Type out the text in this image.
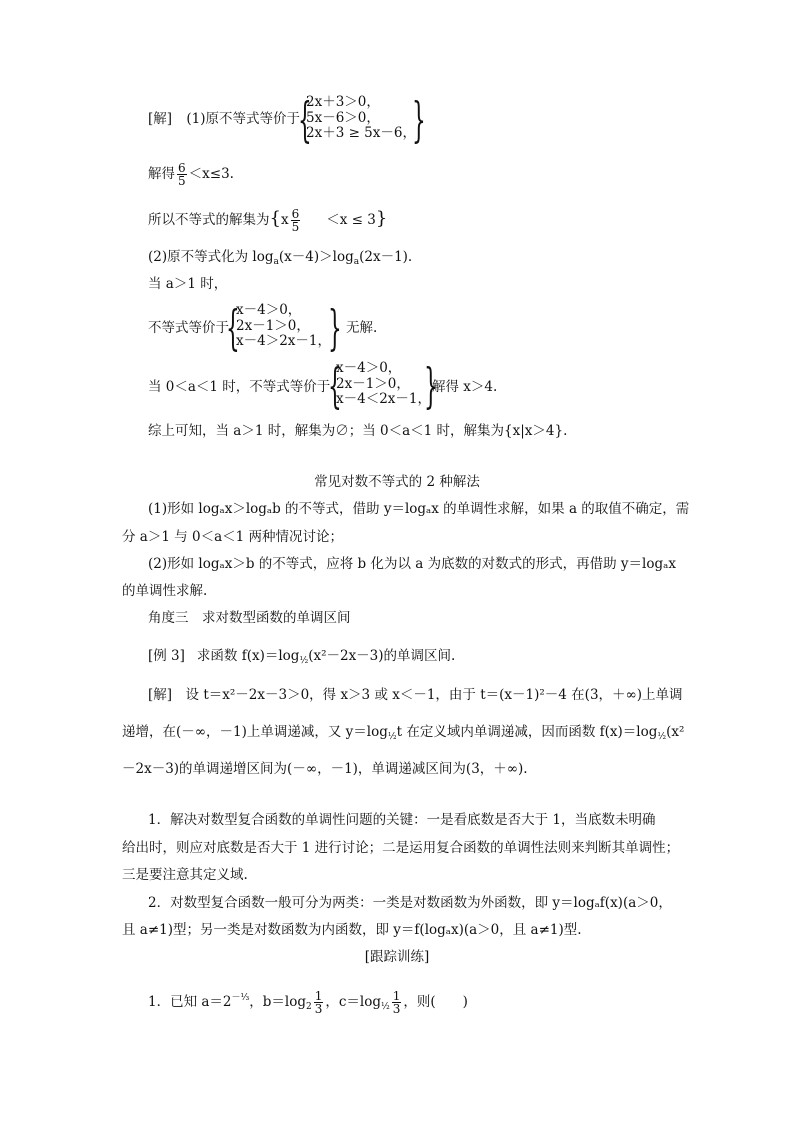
[解] (1)原不等式等价于
{
2x＋3＞0，
5x－6＞0，
2x＋3 ≥ 5x－6，
}
解得 $\frac{6}{5} <x\le 3$.
所以不等式的解集为$\{x \frac{6}{5} <x \le 3\}$
(2)原不等式化为 $\log_a(x-4)>\log_a(2x-1)$.
当 a＞1 时，
不等式等价于
{
x－4＞0，
2x－1＞0，
x－4＞2x－1，
} 无解.
当 0＜a＜1 时，不等式等价于
{
x－4＞0，
2x－1＞0，
x－4＜2x－1，
}
解得 x＞4.
综上可知，当 a＞1 时，解集为∅；当 0＜a＜1 时，解集为{x|x＞4}.
常见对数不等式的 2 种解法
(1)形如 logₐx＞logₐb 的不等式，借助 y＝logₐx 的单调性求解，如果 a 的取值不确定，需
分 a＞1 与 0＜a＜1 两种情况讨论；
(2)形如 logₐx＞b 的不等式，应将 b 化为以 a 为底数的对数式的形式，再借助 y＝logₐx
的单调性求解.
角度三　求对数型函数的单调区间
[例 3] 求函数 $f(x)=\log_{\frac{1}{2}}(x^2-2x-3)$的单调区间.
[解]　设 t＝x²－2x－3＞0，得 x＞3 或 x＜－1，由于 t＝(x－1)²－4 在(3，＋∞)上单调
递增，在(－∞，－1)上单调递减，又 $y=\log_{\frac{1}{2}}t$ 在定义域内单调递减，因而函数 $f(x)=\log_{\frac{1}{2}}(x^2$
－2x－3)的单调递增区间为(－∞，－1)，单调递减区间为(3，＋∞).
1．解决对数型复合函数的单调性问题的关键：一是看底数是否大于 1，当底数未明确
给出时，则应对底数是否大于 1 进行讨论；二是运用复合函数的单调性法则来判断其单调性；
三是要注意其定义域.
2．对数型复合函数一般可分为两类：一类是对数函数为外函数，即 y＝logₐf(x)(a＞0，
且 a≠1)型；另一类是对数函数为内函数，即 y＝f(logₐx)(a＞0，且 a≠1)型.
[跟踪训练]
1．已知 $a=2^{-\frac{1}{3}}$，$b=\log_2 \frac{1}{3}$ ，$c=\log_{\frac{1}{2}} \frac{1}{3}$ ，则(　　)
